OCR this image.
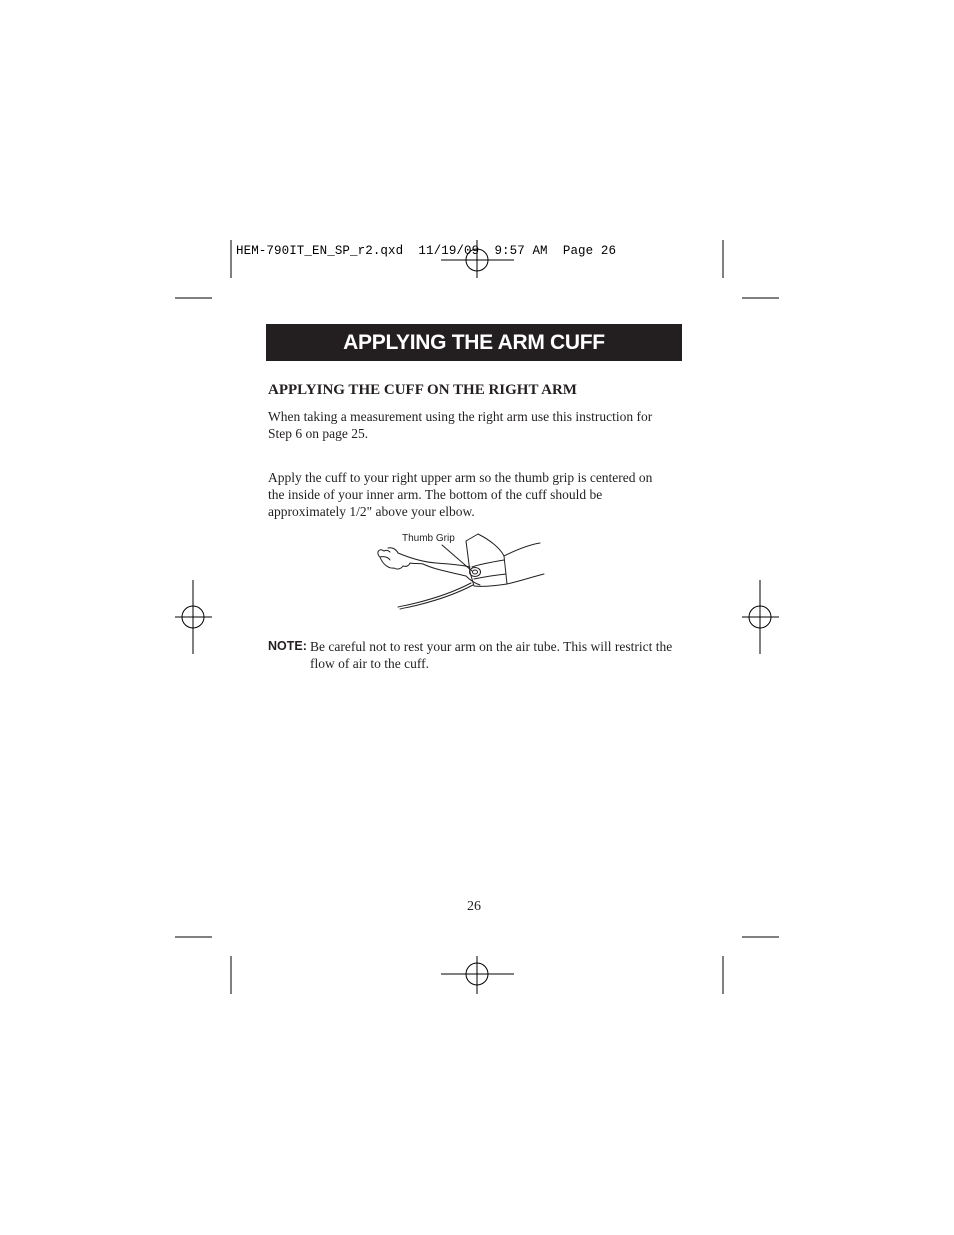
HEM-790IT_EN_SP_r2.qxd  11/19/09  9:57 AM  Page 26
APPLYING THE ARM CUFF
APPLYING THE CUFF ON THE RIGHT ARM
When taking a measurement using the right arm use this instruction for Step 6 on page 25.
Apply the cuff to your right upper arm so the thumb grip is centered on the inside of your inner arm. The bottom of the cuff should be approximately 1/2" above your elbow.
Thumb Grip
NOTE: Be careful not to rest your arm on the air tube. This will restrict the flow of air to the cuff.
26
